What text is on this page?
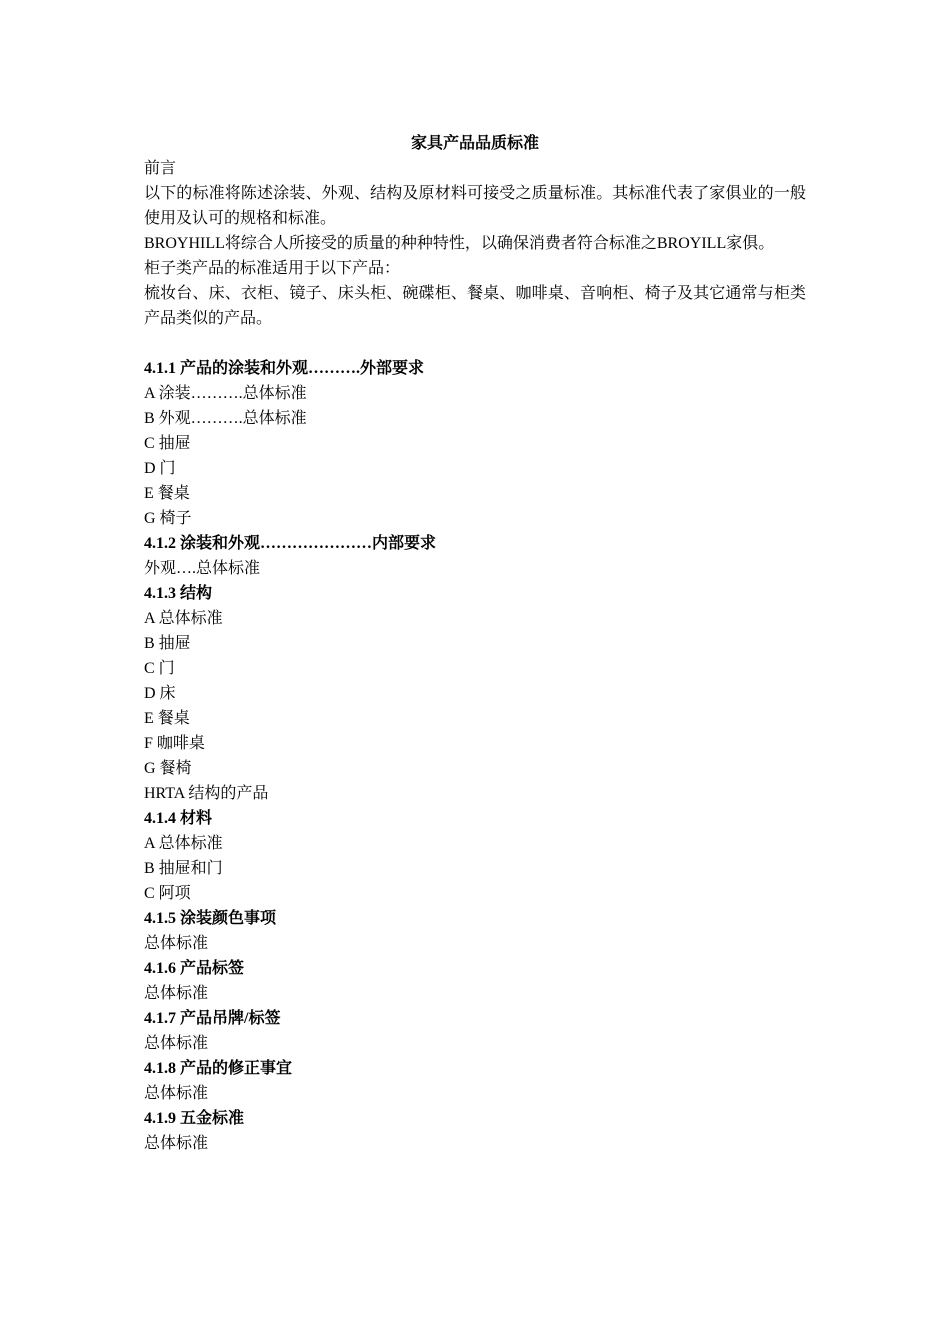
家具产品品质标准
前言
以下的标准将陈述涂装、外观、结构及原材料可接受之质量标准。其标准代表了家俱业的一般使用及认可的规格和标准。
BROYHILL将综合人所接受的质量的种种特性，以确保消费者符合标准之BROYILL家俱。
柜子类产品的标准适用于以下产品：
梳妆台、床、衣柜、镜子、床头柜、碗碟柜、餐桌、咖啡桌、音响柜、椅子及其它通常与柜类产品类似的产品。
4.1.1 产品的涂装和外观……….外部要求
A 涂装……….总体标准
B 外观……….总体标准
C 抽屉
D 门
E 餐桌
G 椅子
4.1.2 涂装和外观…………………内部要求
外观….总体标准
4.1.3 结构
A 总体标准
B 抽屉
C 门
D 床
E 餐桌
F 咖啡桌
G 餐椅
HRTA 结构的产品
4.1.4 材料
A 总体标准
B 抽屉和门
C 阿项
4.1.5 涂装颜色事项
总体标准
4.1.6 产品标签
总体标准
4.1.7 产品吊牌/标签
总体标准
4.1.8 产品的修正事宜
总体标准
4.1.9 五金标准
总体标准
